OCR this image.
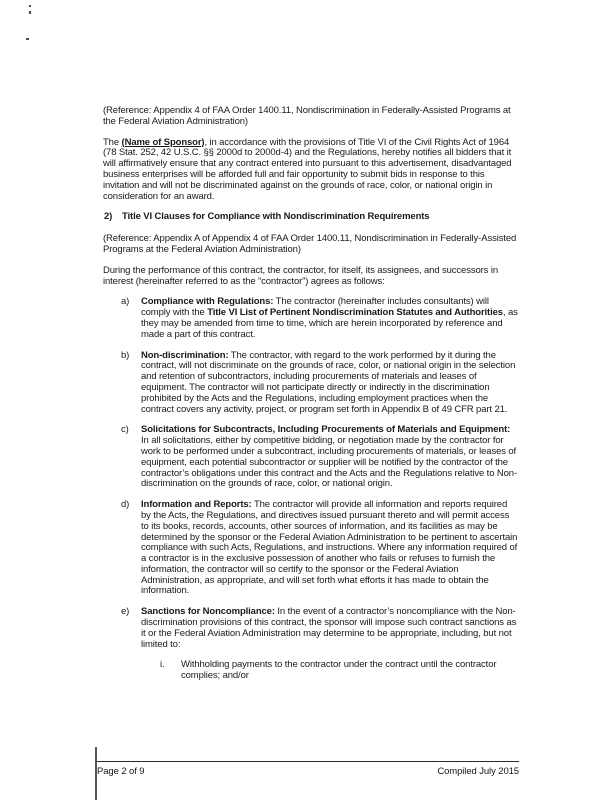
(Reference: Appendix 4 of FAA Order 1400.11, Nondiscrimination in Federally-Assisted Programs at the Federal Aviation Administration)

The (Name of Sponsor), in accordance with the provisions of Title VI of the Civil Rights Act of 1964 (78 Stat. 252, 42 U.S.C. §§ 2000d to 2000d-4) and the Regulations, hereby notifies all bidders that it will affirmatively ensure that any contract entered into pursuant to this advertisement, disadvantaged business enterprises will be afforded full and fair opportunity to submit bids in response to this invitation and will not be discriminated against on the grounds of race, color, or national origin in consideration for an award.

2)	Title VI Clauses for Compliance with Nondiscrimination Requirements

(Reference: Appendix A of Appendix 4 of FAA Order 1400.11, Nondiscrimination in Federally-Assisted Programs at the Federal Aviation Administration)

During the performance of this contract, the contractor, for itself, its assignees, and successors in interest (hereinafter referred to as the “contractor”) agrees as follows:

a)	Compliance with Regulations: The contractor (hereinafter includes consultants) will comply with the Title VI List of Pertinent Nondiscrimination Statutes and Authorities, as they may be amended from time to time, which are herein incorporated by reference and made a part of this contract.
b)	Non-discrimination: The contractor, with regard to the work performed by it during the contract, will not discriminate on the grounds of race, color, or national origin in the selection and retention of subcontractors, including procurements of materials and leases of equipment. The contractor will not participate directly or indirectly in the discrimination prohibited by the Acts and the Regulations, including employment practices when the contract covers any activity, project, or program set forth in Appendix B of 49 CFR part 21.
c)	Solicitations for Subcontracts, Including Procurements of Materials and Equipment: In all solicitations, either by competitive bidding, or negotiation made by the contractor for work to be performed under a subcontract, including procurements of materials, or leases of equipment, each potential subcontractor or supplier will be notified by the contractor of the contractor’s obligations under this contract and the Acts and the Regulations relative to Non-discrimination on the grounds of race, color, or national origin.
d)	Information and Reports: The contractor will provide all information and reports required by the Acts, the Regulations, and directives issued pursuant thereto and will permit access to its books, records, accounts, other sources of information, and its facilities as may be determined by the sponsor or the Federal Aviation Administration to be pertinent to ascertain compliance with such Acts, Regulations, and instructions. Where any information required of a contractor is in the exclusive possession of another who fails or refuses to furnish the information, the contractor will so certify to the sponsor or the Federal Aviation Administration, as appropriate, and will set forth what efforts it has made to obtain the information.
e)	Sanctions for Noncompliance: In the event of a contractor’s noncompliance with the Non-discrimination provisions of this contract, the sponsor will impose such contract sanctions as it or the Federal Aviation Administration may determine to be appropriate, including, but not limited to:
i.	Withholding payments to the contractor under the contract until the contractor complies; and/or
Page 2 of 9	Compiled July 2015
